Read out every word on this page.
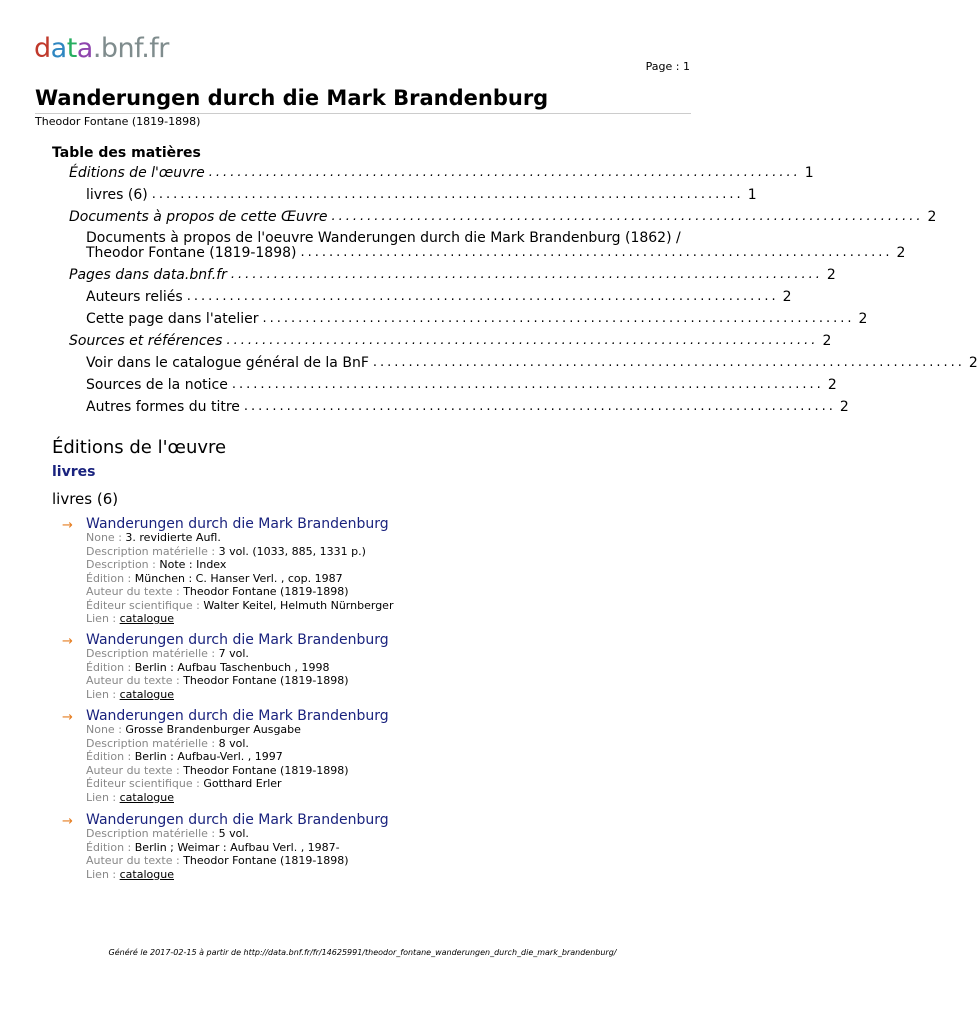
data.bnf.fr
Page : 1
Wanderungen durch die Mark Brandenburg
Theodor Fontane (1819-1898)
Table des matières
Éditions de l'œuvre ................................................................................... 1
livres (6) ................................................................................... 1
Documents à propos de cette Œuvre ................................................................................... 2
Documents à propos de l'oeuvre Wanderungen durch die Mark Brandenburg (1862) /
Theodor Fontane (1819-1898) ................................................................................... 2
Pages dans data.bnf.fr ................................................................................... 2
Auteurs reliés ................................................................................... 2
Cette page dans l'atelier ................................................................................... 2
Sources et références ................................................................................... 2
Voir dans le catalogue général de la BnF ................................................................................... 2
Sources de la notice ................................................................................... 2
Autres formes du titre ................................................................................... 2
Éditions de l'œuvre
livres
livres (6)
→ Wanderungen durch die Mark Brandenburg
None : 3. revidierte Aufl.
Description matérielle : 3 vol. (1033, 885, 1331 p.)
Description : Note : Index
Édition : München : C. Hanser Verl. , cop. 1987
Auteur du texte : Theodor Fontane (1819-1898)
Éditeur scientifique : Walter Keitel, Helmuth Nürnberger
Lien : catalogue
→ Wanderungen durch die Mark Brandenburg
Description matérielle : 7 vol.
Édition : Berlin : Aufbau Taschenbuch , 1998
Auteur du texte : Theodor Fontane (1819-1898)
Lien : catalogue
→ Wanderungen durch die Mark Brandenburg
None : Grosse Brandenburger Ausgabe
Description matérielle : 8 vol.
Édition : Berlin : Aufbau-Verl. , 1997
Auteur du texte : Theodor Fontane (1819-1898)
Éditeur scientifique : Gotthard Erler
Lien : catalogue
→ Wanderungen durch die Mark Brandenburg
Description matérielle : 5 vol.
Édition : Berlin ; Weimar : Aufbau Verl. , 1987-
Auteur du texte : Theodor Fontane (1819-1898)
Lien : catalogue
Généré le 2017-02-15 à partir de http://data.bnf.fr/fr/14625991/theodor_fontane_wanderungen_durch_die_mark_brandenburg/
